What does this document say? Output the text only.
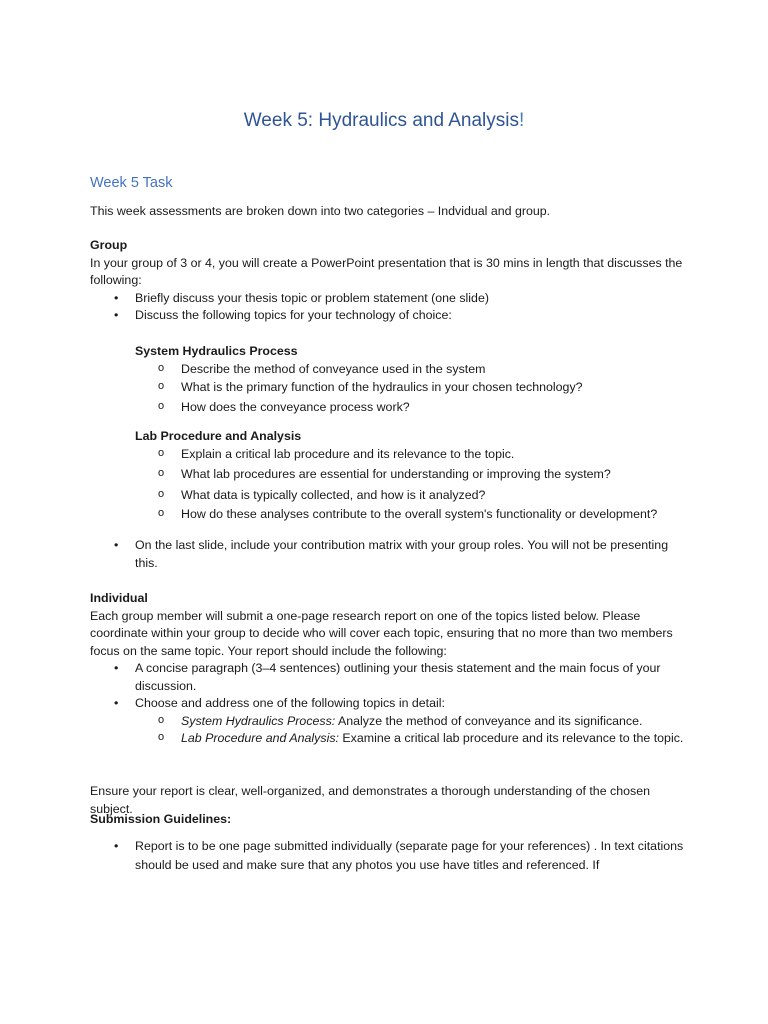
Week 5: Hydraulics and Analysis!
Week 5 Task
This week assessments are broken down into two categories – Indvidual and group.
Group
In your group of 3 or 4, you will create a PowerPoint presentation that is 30 mins in length that discusses the following:
• Briefly discuss your thesis topic or problem statement (one slide)
• Discuss the following topics for your technology of choice:
System Hydraulics Process
o Describe the method of conveyance used in the system
o What is the primary function of the hydraulics in your chosen technology?
o How does the conveyance process work?
Lab Procedure and Analysis
o Explain a critical lab procedure and its relevance to the topic.
o What lab procedures are essential for understanding or improving the system?
o What data is typically collected, and how is it analyzed?
o How do these analyses contribute to the overall system's functionality or development?
• On the last slide, include your contribution matrix with your group roles. You will not be presenting this.
Individual
Each group member will submit a one-page research report on one of the topics listed below. Please coordinate within your group to decide who will cover each topic, ensuring that no more than two members focus on the same topic. Your report should include the following:
• A concise paragraph (3–4 sentences) outlining your thesis statement and the main focus of your discussion.
• Choose and address one of the following topics in detail:
o System Hydraulics Process: Analyze the method of conveyance and its significance.
o Lab Procedure and Analysis: Examine a critical lab procedure and its relevance to the topic.
Ensure your report is clear, well-organized, and demonstrates a thorough understanding of the chosen subject.
Submission Guidelines:
• Report is to be one page submitted individually (separate page for your references) . In text citations should be used and make sure that any photos you use have titles and referenced. If
